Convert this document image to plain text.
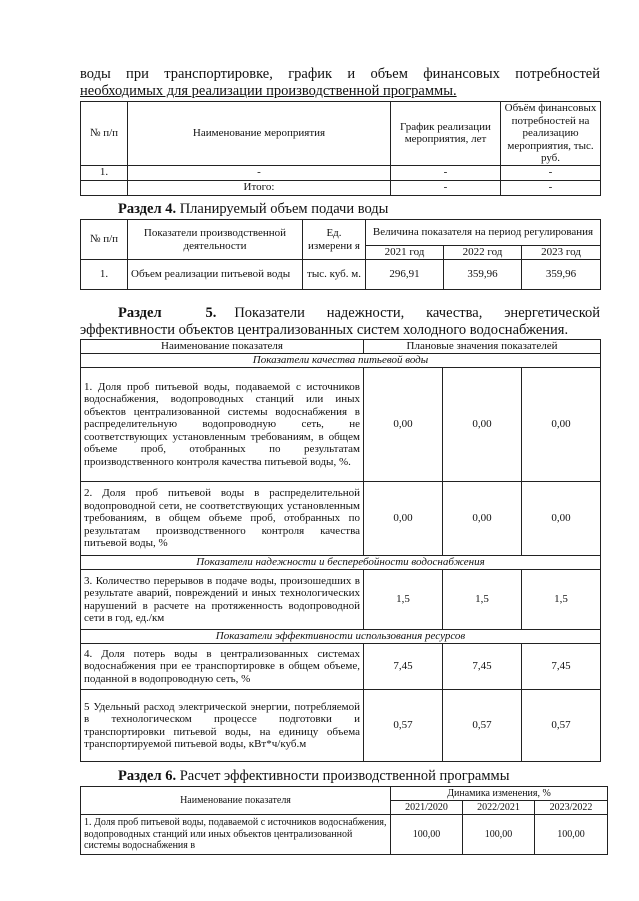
воды при транспортировке, график и объем финансовых потребностей
необходимых для реализации производственной программы.
№ п/п	Наименование мероприятия	График реализации мероприятия, лет	Объём финансовых потребностей на реализацию мероприятия, тыс. руб.
1.	-	-	-
	Итого:	-	-
Раздел 4. Планируемый объем подачи воды
№ п/п	Показатели производственной деятельности	Ед. измерени я	Величина показателя на период регулирования		
			2021 год	2022 год	2023 год
1.	Объем реализации питьевой воды	тыс. куб. м.	296,91	359,96	359,96
Раздел	5. Показатели надежности, качества, энергетической
эффективности объектов централизованных систем холодного водоснабжения.
Наименование показателя	Плановые значения показателей		
Показатели качества питьевой воды			
1. Доля проб питьевой воды, подаваемой с источников водоснабжения, водопроводных станций или иных объектов централизованной системы водоснабжения в распределительную водопроводную сеть, не соответствующих установленным требованиям, в общем объеме проб, отобранных по результатам производственного контроля качества питьевой воды, %.	0,00	0,00	0,00
2. Доля проб питьевой воды в распределительной водопроводной сети, не соответствующих установленным требованиям, в общем объеме проб, отобранных по результатам производственного контроля качества питьевой воды, %	0,00	0,00	0,00
Показатели надежности и бесперебойности водоснабжения			
3. Количество перерывов в подаче воды, произошедших в результате аварий, повреждений и иных технологических нарушений в расчете на протяженность водопроводной сети в год, ед./км	1,5	1,5	1,5
Показатели эффективности использования ресурсов			
4. Доля потерь воды в централизованных системах водоснабжения при ее транспортировке в общем объеме, поданной в водопроводную сеть, %	7,45	7,45	7,45
5 Удельный расход электрической энергии, потребляемой в технологическом процессе подготовки и транспортировки питьевой воды, на единицу объема транспортируемой питьевой воды, кВт*ч/куб.м	0,57	0,57	0,57
Раздел 6. Расчет эффективности производственной программы
Наименование показателя	Динамика изменения, %		
	2021/2020	2022/2021	2023/2022
1. Доля проб питьевой воды, подаваемой с источников водоснабжения, водопроводных станций или иных объектов централизованной системы водоснабжения в	100,00	100,00	100,00
